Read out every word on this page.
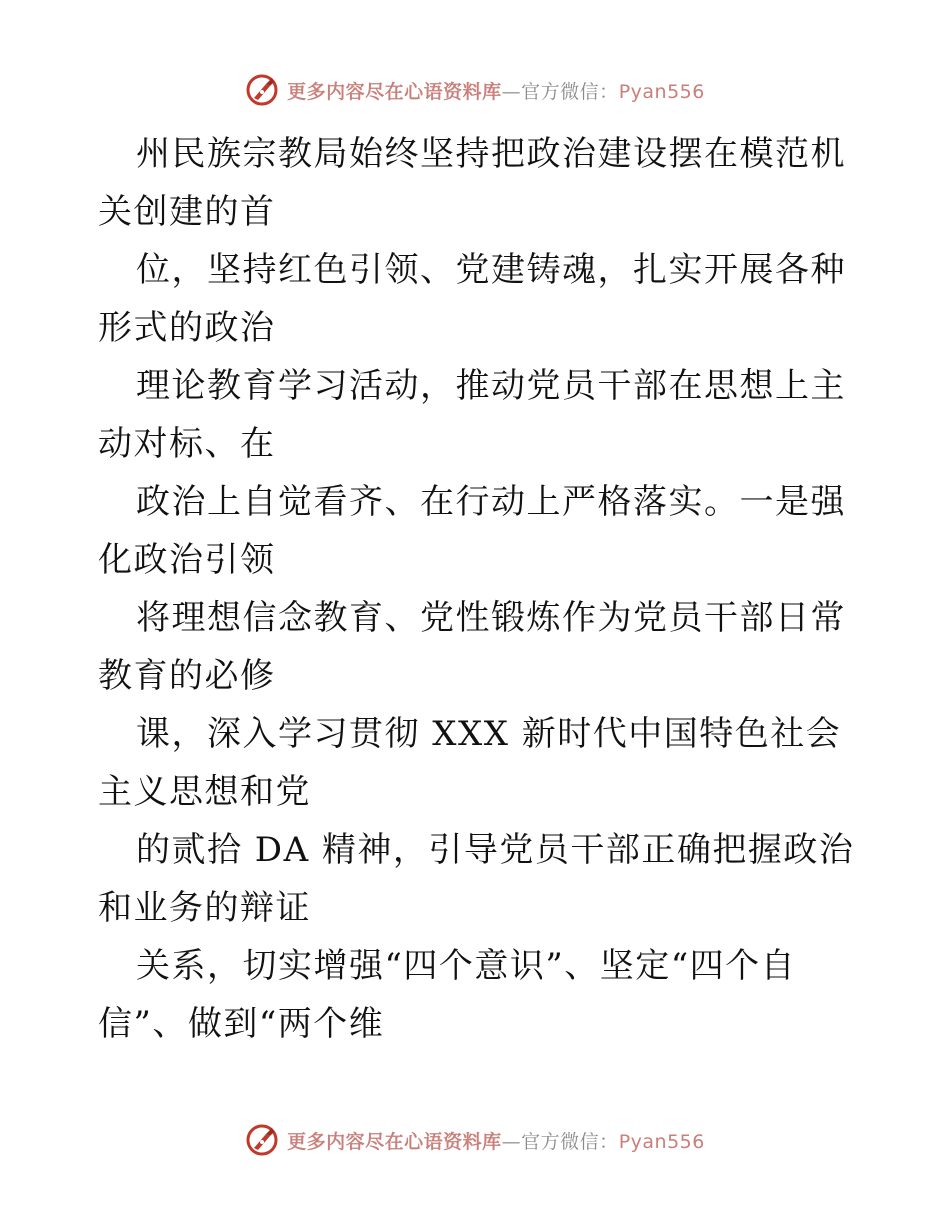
更多内容尽在心语资料库—官方微信：Pyan556

州民族宗教局始终坚持把政治建设摆在模范机关创建的首

位，坚持红色引领、党建铸魂，扎实开展各种形式的政治

理论教育学习活动，推动党员干部在思想上主动对标、在

政治上自觉看齐、在行动上严格落实。一是强化政治引领

将理想信念教育、党性锻炼作为党员干部日常教育的必修

课，深入学习贯彻 XXX 新时代中国特色社会主义思想和党

的贰拾 DA 精神，引导党员干部正确把握政治和业务的辩证

关系，切实增强“四个意识”、坚定“四个自信”、做到“两个维

更多内容尽在心语资料库—官方微信：Pyan556
